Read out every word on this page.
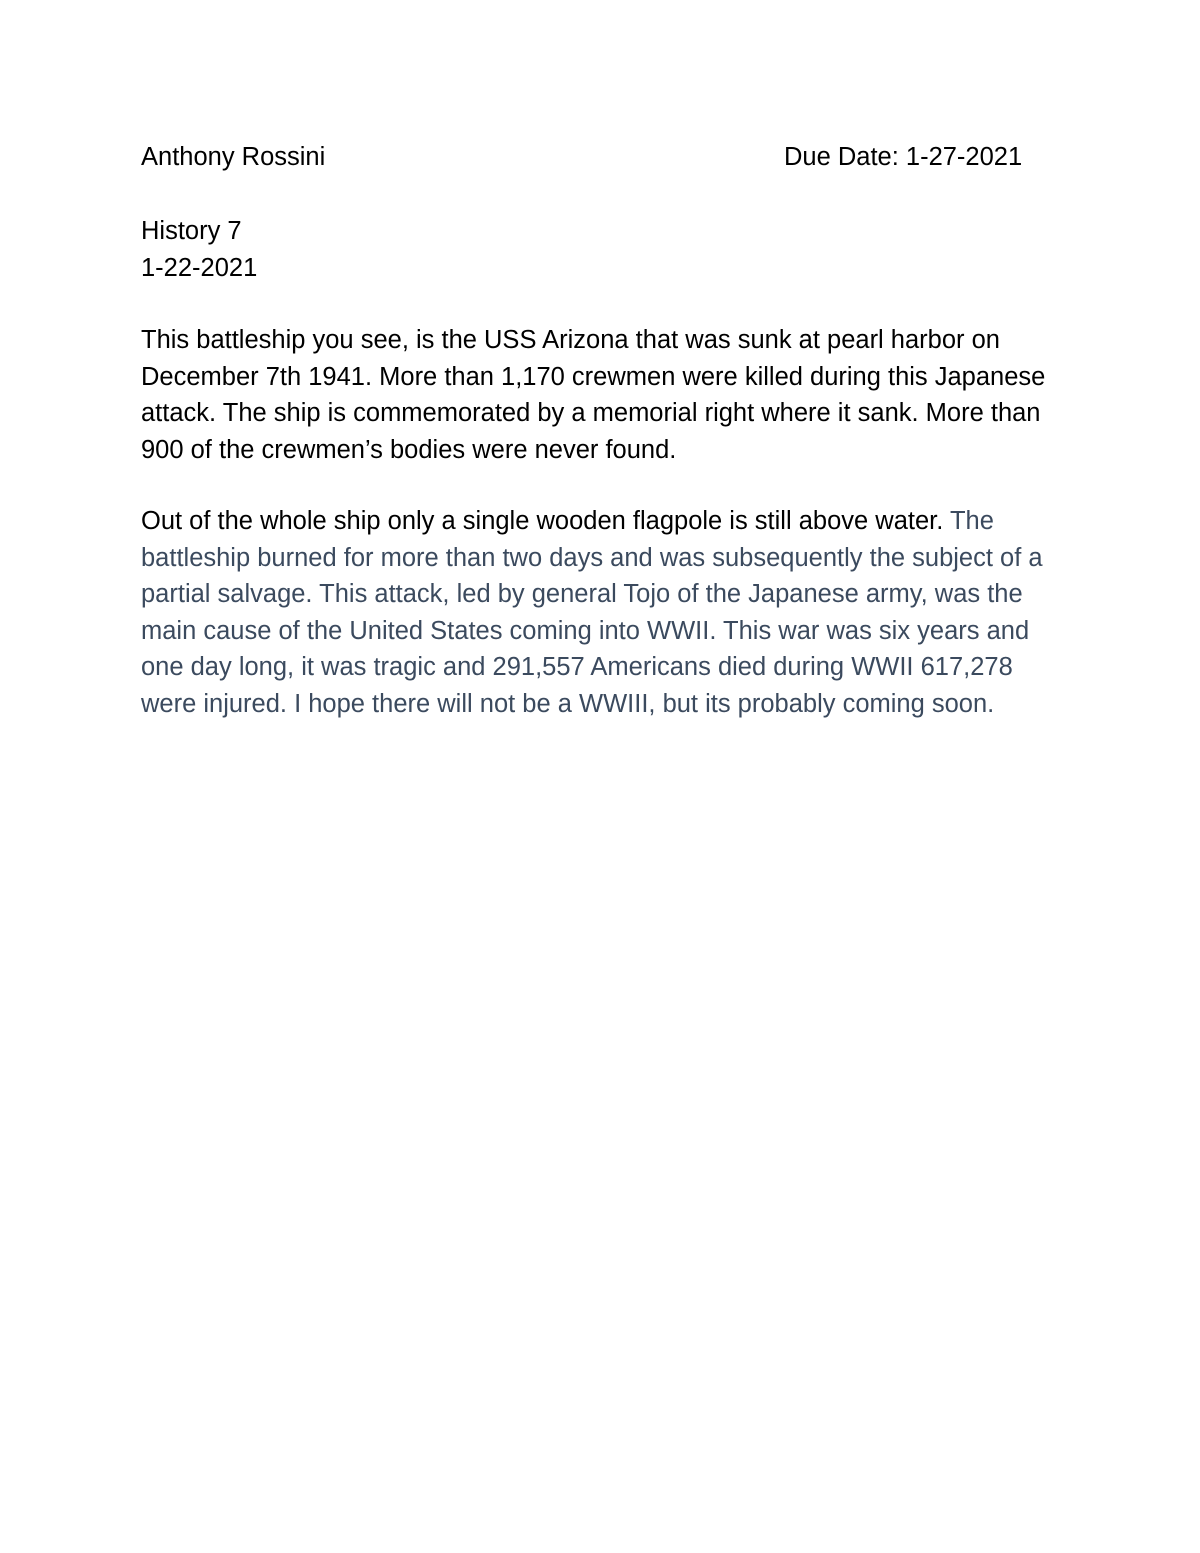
Anthony Rossini	Due Date: 1-27-2021
History 7
1-22-2021

This battleship you see, is the USS Arizona that was sunk at pearl harbor on December 7th 1941. More than 1,170 crewmen were killed during this Japanese attack. The ship is commemorated by a memorial right where it sank. More than 900 of the crewmen’s bodies were never found.

Out of the whole ship only a single wooden flagpole is still above water. The battleship burned for more than two days and was subsequently the subject of a partial salvage. This attack, led by general Tojo of the Japanese army, was the main cause of the United States coming into WWII. This war was six years and one day long, it was tragic and 291,557 Americans died during WWII 617,278 were injured. I hope there will not be a WWIII, but its probably coming soon.
